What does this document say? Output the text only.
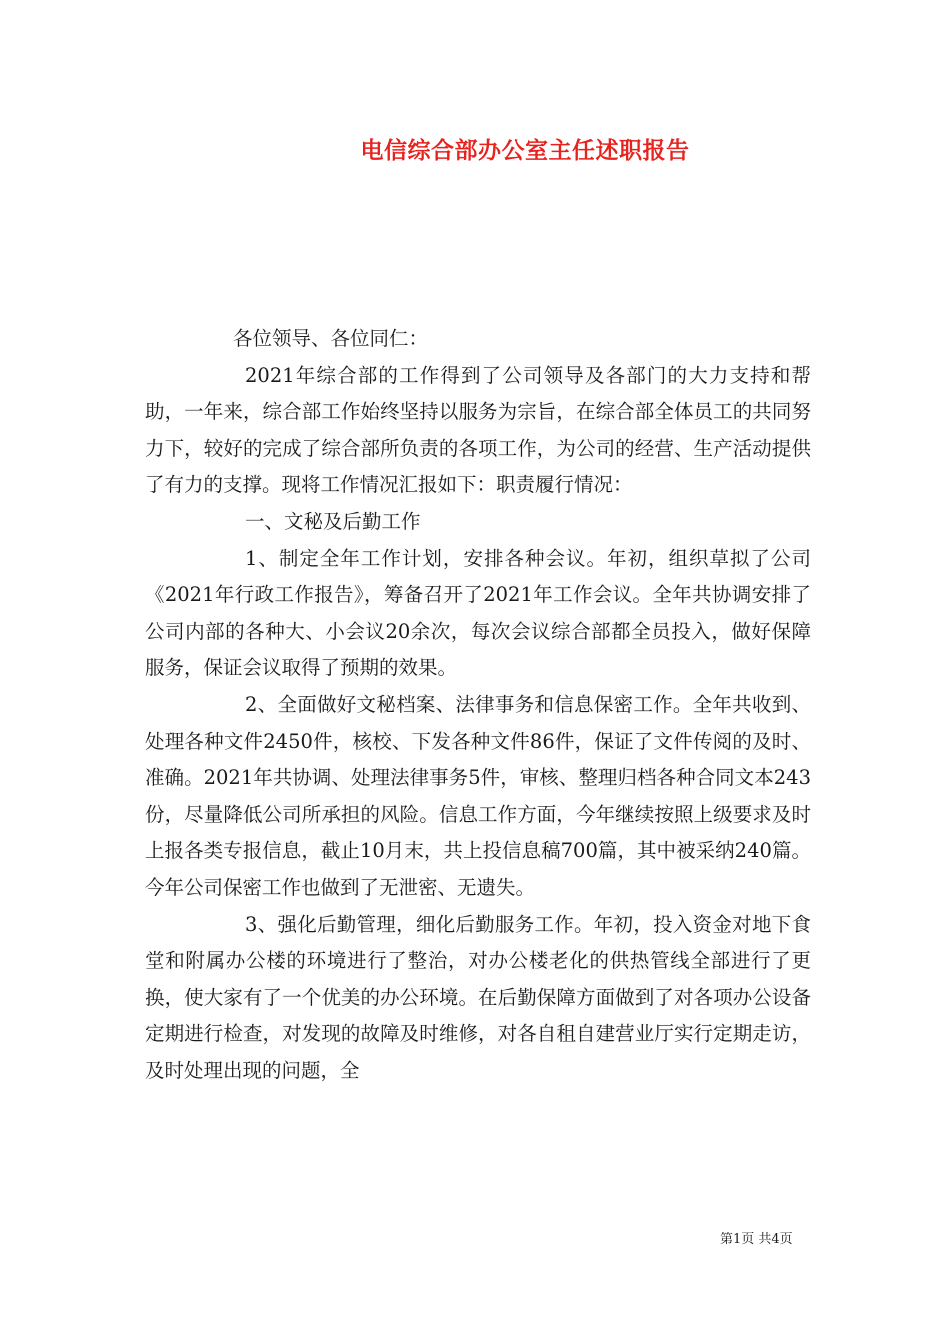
电信综合部办公室主任述职报告

各位领导、各位同仁：

2021年综合部的工作得到了公司领导及各部门的大力支持和帮助，一年来，综合部工作始终坚持以服务为宗旨，在综合部全体员工的共同努力下，较好的完成了综合部所负责的各项工作，为公司的经营、生产活动提供了有力的支撑。现将工作情况汇报如下：职责履行情况：

一、文秘及后勤工作

1、制定全年工作计划，安排各种会议。年初，组织草拟了公司《2021年行政工作报告》，筹备召开了2021年工作会议。全年共协调安排了公司内部的各种大、小会议20余次，每次会议综合部都全员投入，做好保障服务，保证会议取得了预期的效果。

2、全面做好文秘档案、法律事务和信息保密工作。全年共收到、处理各种文件2450件，核校、下发各种文件86件，保证了文件传阅的及时、准确。2021年共协调、处理法律事务5件，审核、整理归档各种合同文本243份，尽量降低公司所承担的风险。信息工作方面，今年继续按照上级要求及时上报各类专报信息，截止10月末，共上投信息稿700篇，其中被采纳240篇。今年公司保密工作也做到了无泄密、无遗失。

3、强化后勤管理，细化后勤服务工作。年初，投入资金对地下食堂和附属办公楼的环境进行了整治，对办公楼老化的供热管线全部进行了更换，使大家有了一个优美的办公环境。在后勤保障方面做到了对各项办公设备定期进行检查，对发现的故障及时维修，对各自租自建营业厅实行定期走访，及时处理出现的问题，全

第1页 共4页
